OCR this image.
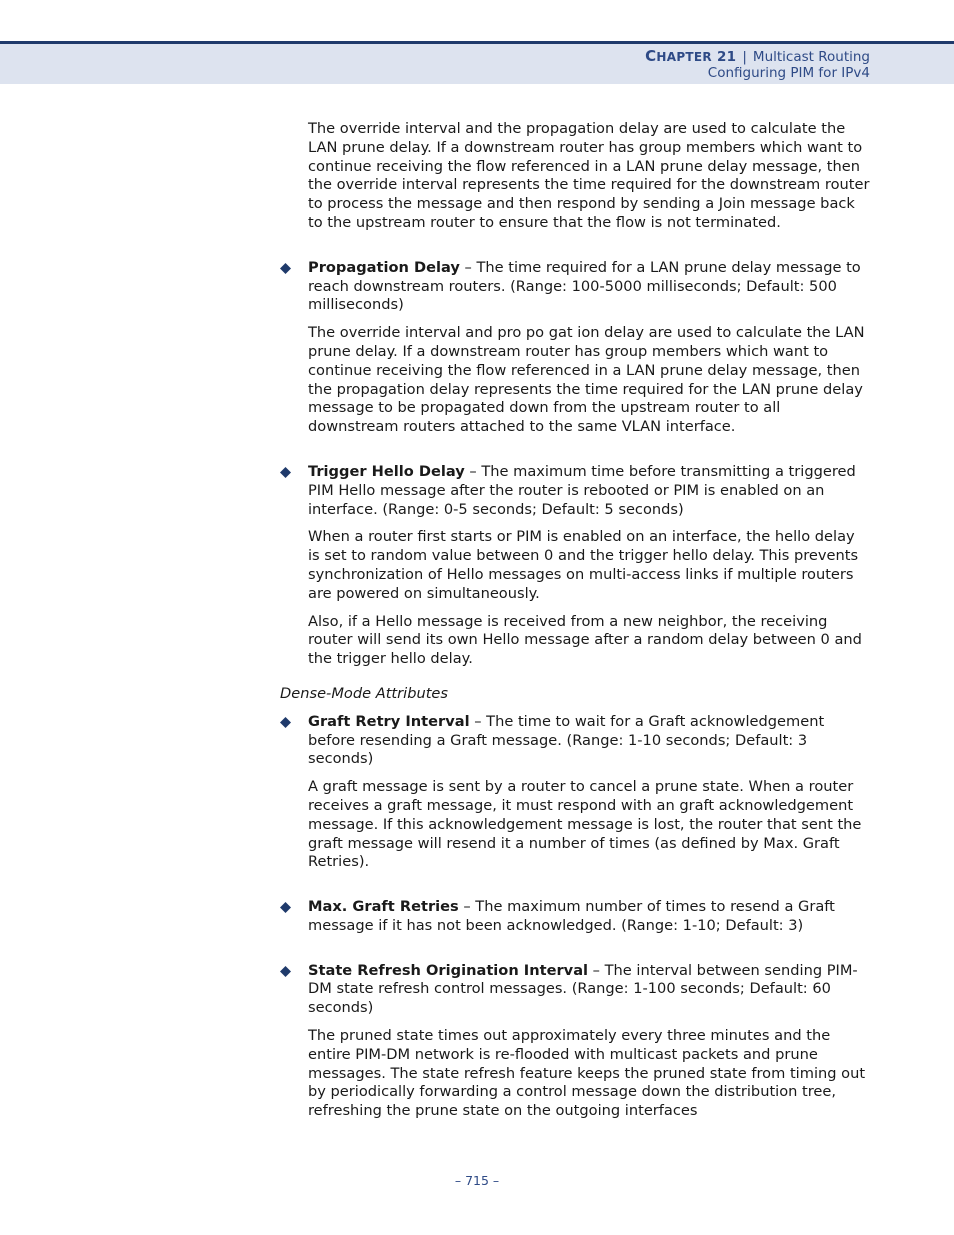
CHAPTER 21 | Multicast Routing
Configuring PIM for IPv4

The override interval and the propagation delay are used to calculate the LAN prune delay. If a downstream router has group members which want to continue receiving the flow referenced in a LAN prune delay message, then the override interval represents the time required for the downstream router to process the message and then respond by sending a Join message back to the upstream router to ensure that the flow is not terminated.

Propagation Delay – The time required for a LAN prune delay message to reach downstream routers. (Range: 100-5000 milliseconds; Default: 500 milliseconds)

The override interval and pro po gat ion delay are used to calculate the LAN prune delay. If a downstream router has group members which want to continue receiving the flow referenced in a LAN prune delay message, then the propagation delay represents the time required for the LAN prune delay message to be propagated down from the upstream router to all downstream routers attached to the same VLAN interface.

Trigger Hello Delay – The maximum time before transmitting a triggered PIM Hello message after the router is rebooted or PIM is enabled on an interface. (Range: 0-5 seconds; Default: 5 seconds)

When a router first starts or PIM is enabled on an interface, the hello delay is set to random value between 0 and the trigger hello delay. This prevents synchronization of Hello messages on multi-access links if multiple routers are powered on simultaneously.

Also, if a Hello message is received from a new neighbor, the receiving router will send its own Hello message after a random delay between 0 and the trigger hello delay.

Dense-Mode Attributes

Graft Retry Interval – The time to wait for a Graft acknowledgement before resending a Graft message. (Range: 1-10 seconds; Default: 3 seconds)

A graft message is sent by a router to cancel a prune state. When a router receives a graft message, it must respond with an graft acknowledgement message. If this acknowledgement message is lost, the router that sent the graft message will resend it a number of times (as defined by Max. Graft Retries).

Max. Graft Retries – The maximum number of times to resend a Graft message if it has not been acknowledged. (Range: 1-10; Default: 3)
State Refresh Origination Interval – The interval between sending PIM-DM state refresh control messages. (Range: 1-100 seconds; Default: 60 seconds)

The pruned state times out approximately every three minutes and the entire PIM-DM network is re-flooded with multicast packets and prune messages. The state refresh feature keeps the pruned state from timing out by periodically forwarding a control message down the distribution tree, refreshing the prune state on the outgoing interfaces

– 715 –
